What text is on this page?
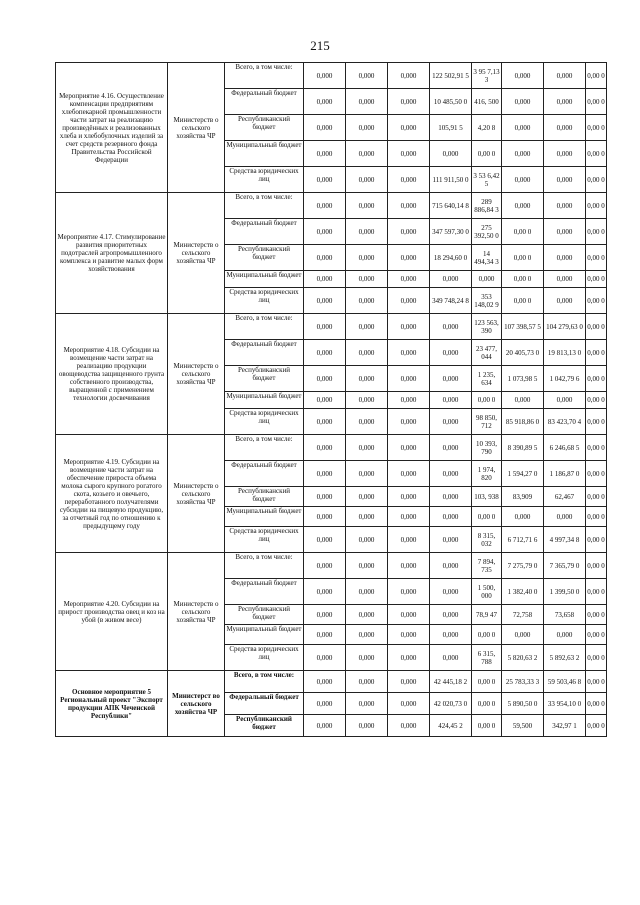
215
Мероприятие 4.16. Осуществление компенсации предприятиям хлебопекарной промышленности части затрат на реализацию произведённых и реализованных хлеба и хлебобулочных изделий за счет средств резервного фонда Правительства Российской Федерации	Министерств о сельского хозяйства ЧР	Всего, в том числе:	0,000	0,000	0,000	122 502,91 5	3 95 7,13 3	0,000	0,000	0,00 0
		Федеральный бюджет	0,000	0,000	0,000	10 485,50 0	416, 500	0,000	0,000	0,00 0
		Республиканский бюджет	0,000	0,000	0,000	105,91 5	4,20 8	0,000	0,000	0,00 0
		Муниципальный бюджет	0,000	0,000	0,000	0,000	0,00 0	0,000	0,000	0,00 0
		Средства юридических лиц	0,000	0,000	0,000	111 911,50 0	3 53 6,42 5	0,000	0,000	0,00 0
Мероприятие 4.17. Стимулирование развития приоритетных подотраслей агропромышленного комплекса и развитие малых форм хозяйствования	Министерств о сельского хозяйства ЧР	Всего, в том числе:	0,000	0,000	0,000	715 640,14 8	289 886,84 3	0,000	0,000	0,00 0
		Федеральный бюджет	0,000	0,000	0,000	347 597,30 0	275 392,50 0	0,00 0	0,000	0,00 0
		Республиканский бюджет	0,000	0,000	0,000	18 294,60 0	14 494,34 3	0,00 0	0,000	0,00 0
		Муниципальный бюджет	0,000	0,000	0,000	0,000	0,000	0,00 0	0,000	0,00 0
		Средства юридических лиц	0,000	0,000	0,000	349 748,24 8	353 148,02 9	0,00 0	0,000	0,00 0
Мероприятие 4.18. Субсидии на возмещение части затрат на реализацию продукции овощеводства защищенного грунта собственного производства, выращенной с применением технологии досвечивания	Министерств о сельского хозяйства ЧР	Всего, в том числе:	0,000	0,000	0,000	0,000	123 563, 390	107 398,57 5	104 279,63 0	0,00 0
		Федеральный бюджет	0,000	0,000	0,000	0,000	23 477, 044	20 405,73 0	19 813,13 0	0,00 0
		Республиканский бюджет	0,000	0,000	0,000	0,000	1 235, 634	1 073,98 5	1 042,79 6	0,00 0
		Муниципальный бюджет	0,000	0,000	0,000	0,000	0,00 0	0,000	0,000	0,00 0
		Средства юридических лиц	0,000	0,000	0,000	0,000	98 850, 712	85 918,86 0	83 423,70 4	0,00 0
Мероприятие 4.19. Субсидии на возмещение части затрат на обеспечение прироста объема молока сырого крупного рогатого скота, козьего и овечьего, переработанного получателями субсидии на пищевую продукцию, за отчетный год по отношению к предыдущему году	Министерств о сельского хозяйства ЧР	Всего, в том числе:	0,000	0,000	0,000	0,000	10 393, 790	8 390,89 5	6 246,68 5	0,00 0
		Федеральный бюджет	0,000	0,000	0,000	0,000	1 974, 820	1 594,27 0	1 186,87 0	0,00 0
		Республиканский бюджет	0,000	0,000	0,000	0,000	103, 938	83,909	62,467	0,00 0
		Муниципальный бюджет	0,000	0,000	0,000	0,000	0,00 0	0,000	0,000	0,00 0
		Средства юридических лиц	0,000	0,000	0,000	0,000	8 315, 032	6 712,71 6	4 997,34 8	0,00 0
Мероприятие 4.20. Субсидии на прирост производства овец и коз на убой (в живом весе)	Министерств о сельского хозяйства ЧР	Всего, в том числе:	0,000	0,000	0,000	0,000	7 894, 735	7 275,79 0	7 365,79 0	0,00 0
		Федеральный бюджет	0,000	0,000	0,000	0,000	1 500, 000	1 382,40 0	1 399,50 0	0,00 0
		Республиканский бюджет	0,000	0,000	0,000	0,000	78,9 47	72,758	73,658	0,00 0
		Муниципальный бюджет	0,000	0,000	0,000	0,000	0,00 0	0,000	0,000	0,00 0
		Средства юридических лиц	0,000	0,000	0,000	0,000	6 315, 788	5 820,63 2	5 892,63 2	0,00 0
Основное мероприятие 5 Региональный проект "Экспорт продукции АПК Чеченской Республики"	Министерст во сельского хозяйства ЧР	Всего, в том числе:	0,000	0,000	0,000	42 445,18 2	0,00 0	25 783,33 3	59 503,46 8	0,00 0
		Федеральный бюджет	0,000	0,000	0,000	42 020,73 0	0,00 0	5 890,50 0	33 954,10 0	0,00 0
		Республиканский бюджет	0,000	0,000	0,000	424,45 2	0,00 0	59,500	342,97 1	0,00 0
